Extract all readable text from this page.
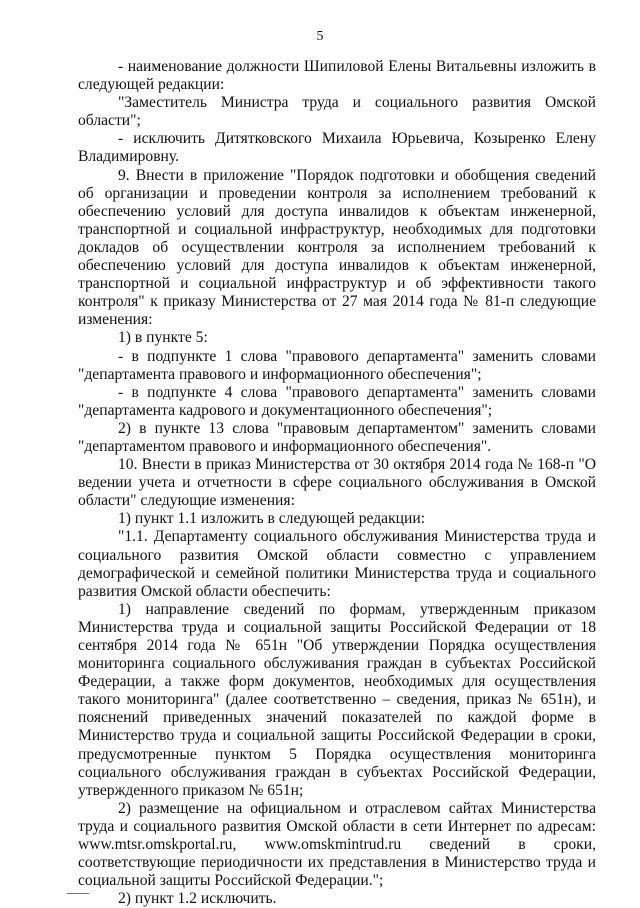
5

- наименование должности Шипиловой Елены Витальевны изложить в следующей редакции:

"Заместитель Министра труда и социального развития Омской области";

- исключить Дитятковского Михаила Юрьевича, Козыренко Елену Владимировну.

9. Внести в приложение "Порядок подготовки и обобщения сведений об организации и проведении контроля за исполнением требований к обеспечению условий для доступа инвалидов к объектам инженерной, транспортной и социальной инфраструктур, необходимых для подготовки докладов об осуществлении контроля за исполнением требований к обеспечению условий для доступа инвалидов к объектам инженерной, транспортной и социальной инфраструктур и об эффективности такого контроля" к приказу Министерства от 27 мая 2014 года № 81-п следующие изменения:

1) в пункте 5:

- в подпункте 1 слова "правового департамента" заменить словами "департамента правового и информационного обеспечения";

- в подпункте 4 слова "правового департамента" заменить словами "департамента кадрового и документационного обеспечения";

2) в пункте 13 слова "правовым департаментом" заменить словами "департаментом правового и информационного обеспечения".

10. Внести в приказ Министерства от 30 октября 2014 года № 168-п "О ведении учета и отчетности в сфере социального обслуживания в Омской области" следующие изменения:

1) пункт 1.1 изложить в следующей редакции:

"1.1. Департаменту социального обслуживания Министерства труда и социального развития Омской области совместно с управлением демографической и семейной политики Министерства труда и социального развития Омской области обеспечить:

1) направление сведений по формам, утвержденным приказом Министерства труда и социальной защиты Российской Федерации от 18 сентября 2014 года № 651н "Об утверждении Порядка осуществления мониторинга социального обслуживания граждан в субъектах Российской Федерации, а также форм документов, необходимых для осуществления такого мониторинга" (далее соответственно – сведения, приказ № 651н), и пояснений приведенных значений показателей по каждой форме в Министерство труда и социальной защиты Российской Федерации в сроки, предусмотренные пунктом 5 Порядка осуществления мониторинга социального обслуживания граждан в субъектах Российской Федерации, утвержденного приказом № 651н;

2) размещение на официальном и отраслевом сайтах Министерства труда и социального развития Омской области в сети Интернет по адресам: www.mtsr.omskportal.ru, www.omskmintrud.ru сведений в сроки, соответствующие периодичности их представления в Министерство труда и социальной защиты Российской Федерации.";

2) пункт 1.2 исключить.
